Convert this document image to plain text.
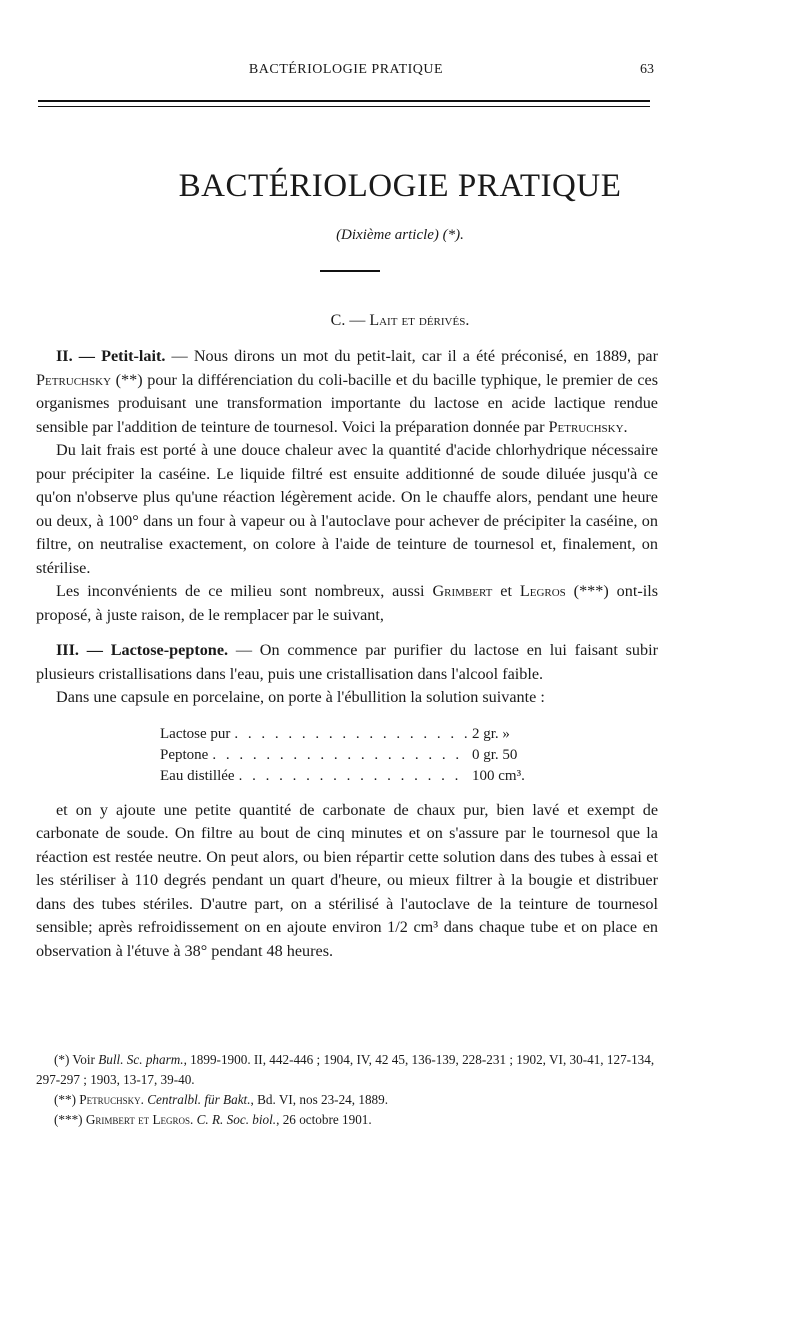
BACTÉRIOLOGIE PRATIQUE	63
BACTÉRIOLOGIE PRATIQUE
(Dixième article) (*).
C. — Lait et dérivés.

II. — Petit-lait. — Nous dirons un mot du petit-lait, car il a été préconisé, en 1889, par Petruchsky (**) pour la différenciation du coli-bacille et du bacille typhique, le premier de ces organismes produisant une transformation importante du lactose en acide lactique rendue sensible par l'addition de teinture de tournesol. Voici la préparation donnée par Petruchsky.

Du lait frais est porté à une douce chaleur avec la quantité d'acide chlorhydrique nécessaire pour précipiter la caséine. Le liquide filtré est ensuite additionné de soude diluée jusqu'à ce qu'on n'observe plus qu'une réaction légèrement acide. On le chauffe alors, pendant une heure ou deux, à 100° dans un four à vapeur ou à l'autoclave pour achever de précipiter la caséine, on filtre, on neutralise exactement, on colore à l'aide de teinture de tournesol et, finalement, on stérilise.

Les inconvénients de ce milieu sont nombreux, aussi Grimbert et Legros (***) ont-ils proposé, à juste raison, de le remplacer par le suivant,

III. — Lactose-peptone. — On commence par purifier du lactose en lui faisant subir plusieurs cristallisations dans l'eau, puis une cristallisation dans l'alcool faible.

Dans une capsule en porcelaine, on porte à l'ébullition la solution suivante :

Lactose pur . . .	2 gr. »
Peptone . . .	0 gr. 50
Eau distillée . . .	100 cm³.

et on y ajoute une petite quantité de carbonate de chaux pur, bien lavé et exempt de carbonate de soude. On filtre au bout de cinq minutes et on s'assure par le tournesol que la réaction est restée neutre. On peut alors, ou bien répartir cette solution dans des tubes à essai et les stériliser à 110 degrés pendant un quart d'heure, ou mieux filtrer à la bougie et distribuer dans des tubes stériles. D'autre part, on a stérilisé à l'autoclave de la teinture de tournesol sensible; après refroidissement on en ajoute environ 1/2 cm³ dans chaque tube et on place en observation à l'étuve à 38° pendant 48 heures.

(*) Voir Bull. Sc. pharm., 1899-1900. II, 442-446 ; 1904, IV, 42 45, 136-139, 228-231 ; 1902, VI, 30-41, 127-134, 297-297 ; 1903, 13-17, 39-40.

(**) Petruchsky. Centralbl. für Bakt., Bd. VI, nos 23-24, 1889.

(***) Grimbert et Legros. C. R. Soc. biol., 26 octobre 1901.
